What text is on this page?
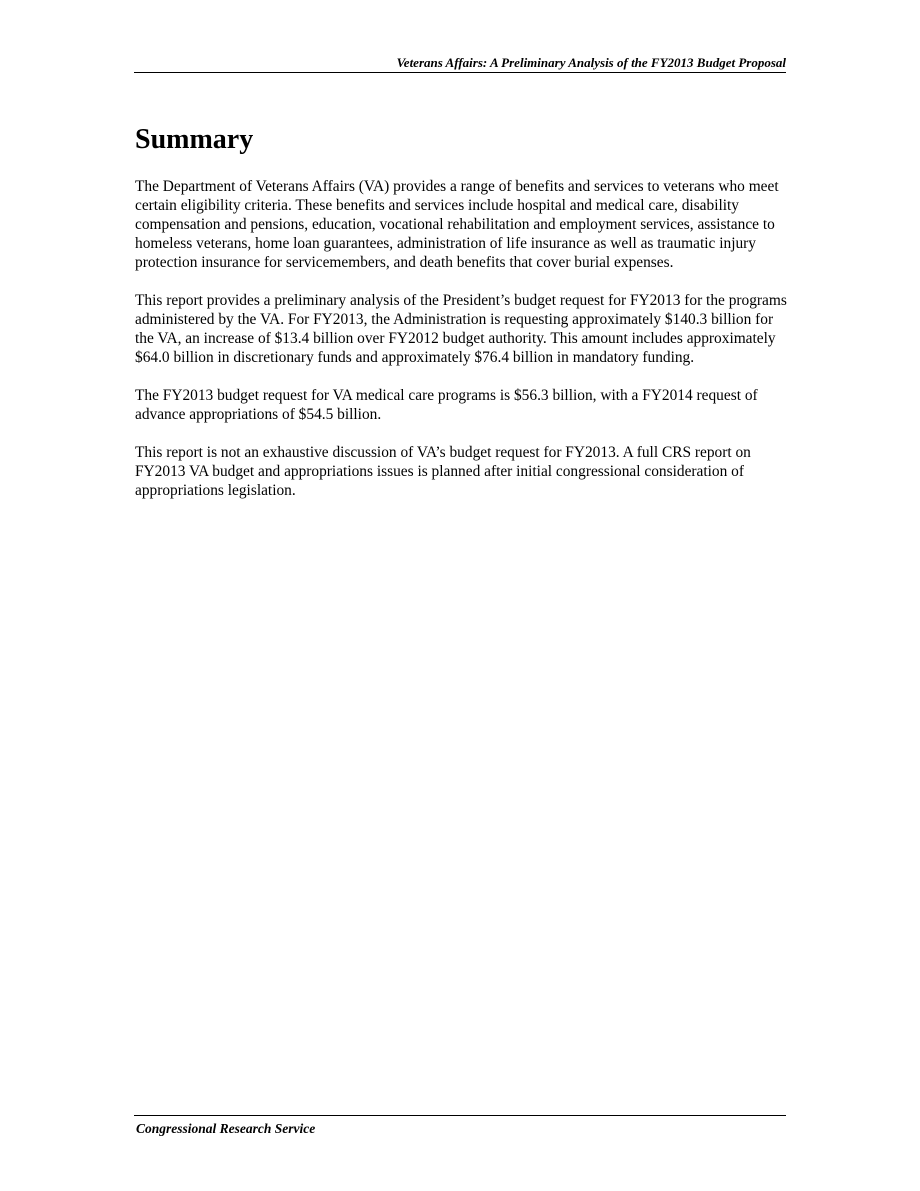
Veterans Affairs: A Preliminary Analysis of the FY2013 Budget Proposal
Summary

The Department of Veterans Affairs (VA) provides a range of benefits and services to veterans who meet certain eligibility criteria. These benefits and services include hospital and medical care, disability compensation and pensions, education, vocational rehabilitation and employment services, assistance to homeless veterans, home loan guarantees, administration of life insurance as well as traumatic injury protection insurance for servicemembers, and death benefits that cover burial expenses.

This report provides a preliminary analysis of the President’s budget request for FY2013 for the programs administered by the VA. For FY2013, the Administration is requesting approximately $140.3 billion for the VA, an increase of $13.4 billion over FY2012 budget authority. This amount includes approximately $64.0 billion in discretionary funds and approximately $76.4 billion in mandatory funding.

The FY2013 budget request for VA medical care programs is $56.3 billion, with a FY2014 request of advance appropriations of $54.5 billion.

This report is not an exhaustive discussion of VA’s budget request for FY2013. A full CRS report on FY2013 VA budget and appropriations issues is planned after initial congressional consideration of appropriations legislation.

Congressional Research Service
